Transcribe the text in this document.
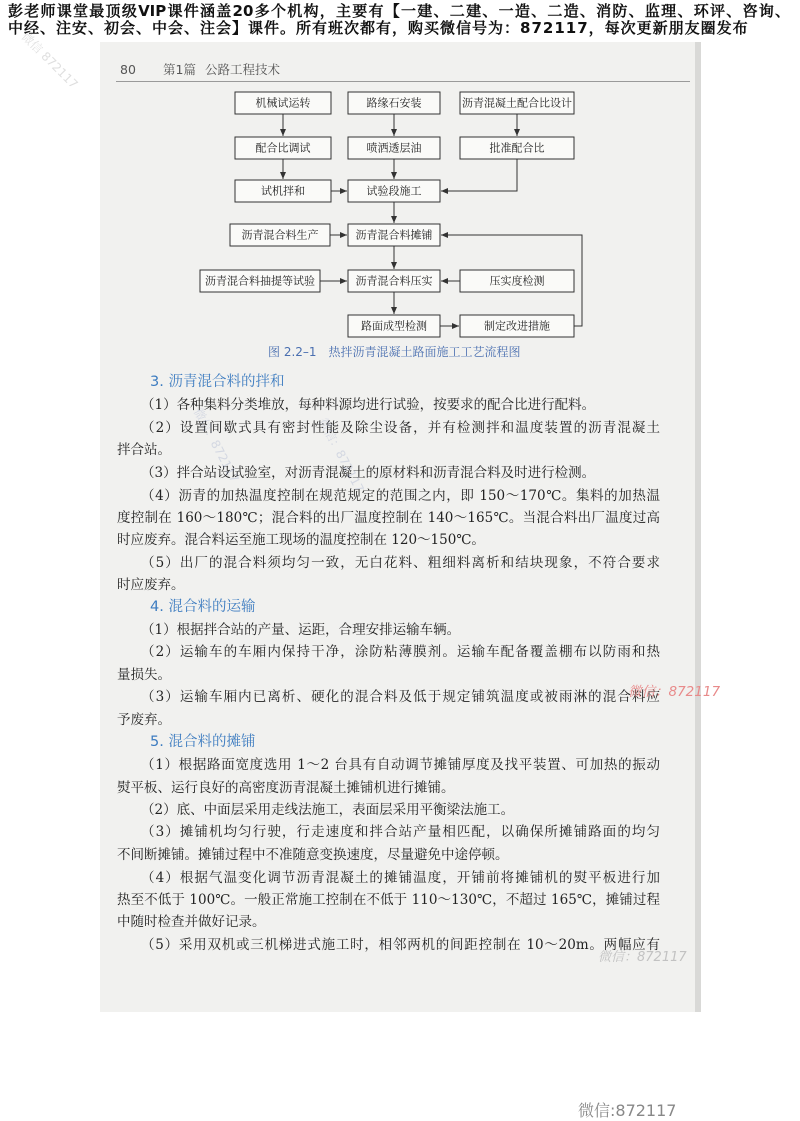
彭老师课堂最顶级VIP课件涵盖20多个机构，主要有【一建、二建、一造、二造、消防、监理、环评、咨询、
中经、注安、初会、中会、注会】课件。所有班次都有，购买微信号为：872117，每次更新朋友圈发布
80 第1篇 公路工程技术
机械试运转
配合比调试
试机拌和
沥青混合料生产
沥青混合料抽提等试验
路缘石安装
喷洒透层油
试验段施工
沥青混合料摊铺
沥青混合料压实
路面成型检测
沥青混凝土配合比设计
批准配合比
压实度检测
制定改进措施
图 2.2–1　热拌沥青混凝土路面施工工艺流程图
3. 沥青混合料的拌和
（1）各种集料分类堆放，每种料源均进行试验，按要求的配合比进行配料。
（2）设置间歇式具有密封性能及除尘设备，并有检测拌和温度装置的沥青混凝土
拌合站。
（3）拌合站设试验室，对沥青混凝土的原材料和沥青混合料及时进行检测。
（4）沥青的加热温度控制在规范规定的范围之内，即 150～170℃。集料的加热温
度控制在 160～180℃；混合料的出厂温度控制在 140～165℃。当混合料出厂温度过高
时应废弃。混合料运至施工现场的温度控制在 120～150℃。
（5）出厂的混合料须均匀一致，无白花料、粗细料离析和结块现象，不符合要求
时应废弃。
4. 混合料的运输
（1）根据拌合站的产量、运距，合理安排运输车辆。
（2）运输车的车厢内保持干净，涂防粘薄膜剂。运输车配备覆盖棚布以防雨和热
量损失。
（3）运输车厢内已离析、硬化的混合料及低于规定铺筑温度或被雨淋的混合料应
予废弃。
5. 混合料的摊铺
（1）根据路面宽度选用 1～2 台具有自动调节摊铺厚度及找平装置、可加热的振动
熨平板、运行良好的高密度沥青混凝土摊铺机进行摊铺。
（2）底、中面层采用走线法施工，表面层采用平衡梁法施工。
（3）摊铺机均匀行驶，行走速度和拌合站产量相匹配，以确保所摊铺路面的均匀
不间断摊铺。摊铺过程中不准随意变换速度，尽量避免中途停顿。
（4）根据气温变化调节沥青混凝土的摊铺温度，开铺前将摊铺机的熨平板进行加
热至不低于 100℃。一般正常施工控制在不低于 110～130℃，不超过 165℃，摊铺过程
中随时检查并做好记录。
（5）采用双机或三机梯进式施工时，相邻两机的间距控制在 10～20m。两幅应有
微信 872117
微信：872117	微信：872117
微信：872117
微信：872117
微信:872117
